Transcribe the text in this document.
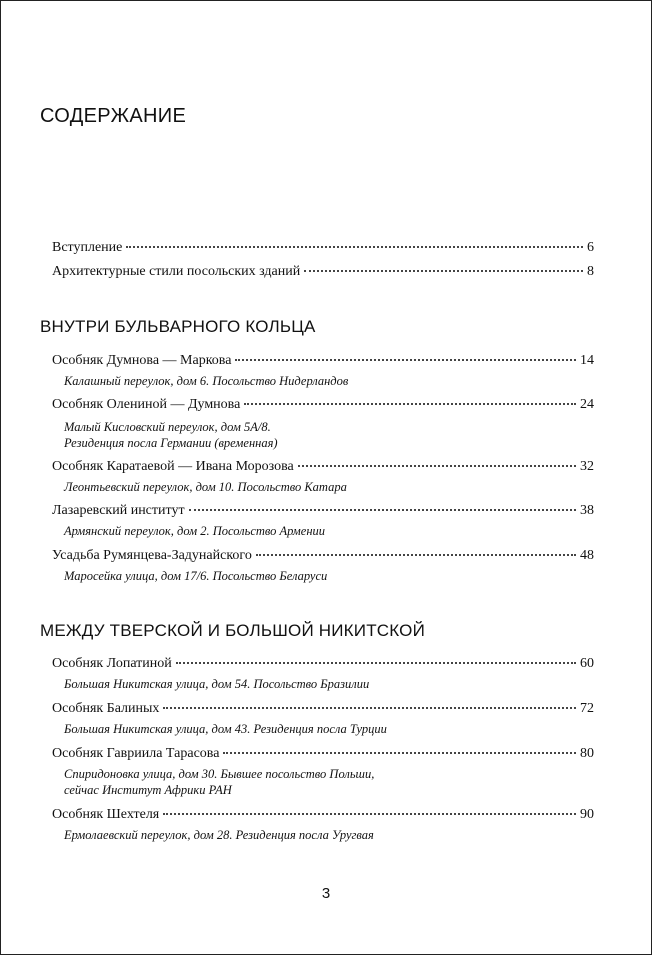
СОДЕРЖАНИЕ
Вступление	6
Архитектурные стили посольских зданий	8
ВНУТРИ БУЛЬВАРНОГО КОЛЬЦА
Особняк Думнова — Маркова	14
Калашный переулок, дом 6. Посольство Нидерландов
Особняк Олениной — Думнова	24
Малый Кисловский переулок, дом 5А/8.
Резиденция посла Германии (временная)
Особняк Каратаевой — Ивана Морозова	32
Леонтьевский переулок, дом 10. Посольство Катара
Лазаревский институт	38
Армянский переулок, дом 2. Посольство Армении
Усадьба Румянцева-Задунайского	48
Маросейка улица, дом 17/6. Посольство Беларуси
МЕЖДУ ТВЕРСКОЙ И БОЛЬШОЙ НИКИТСКОЙ
Особняк Лопатиной	60
Большая Никитская улица, дом 54. Посольство Бразилии
Особняк Балиных	72
Большая Никитская улица, дом 43. Резиденция посла Турции
Особняк Гавриила Тарасова	80
Спиридоновка улица, дом 30. Бывшее посольство Польши,
сейчас Институт Африки РАН
Особняк Шехтеля	90
Ермолаевский переулок, дом 28. Резиденция посла Уругвая
3
